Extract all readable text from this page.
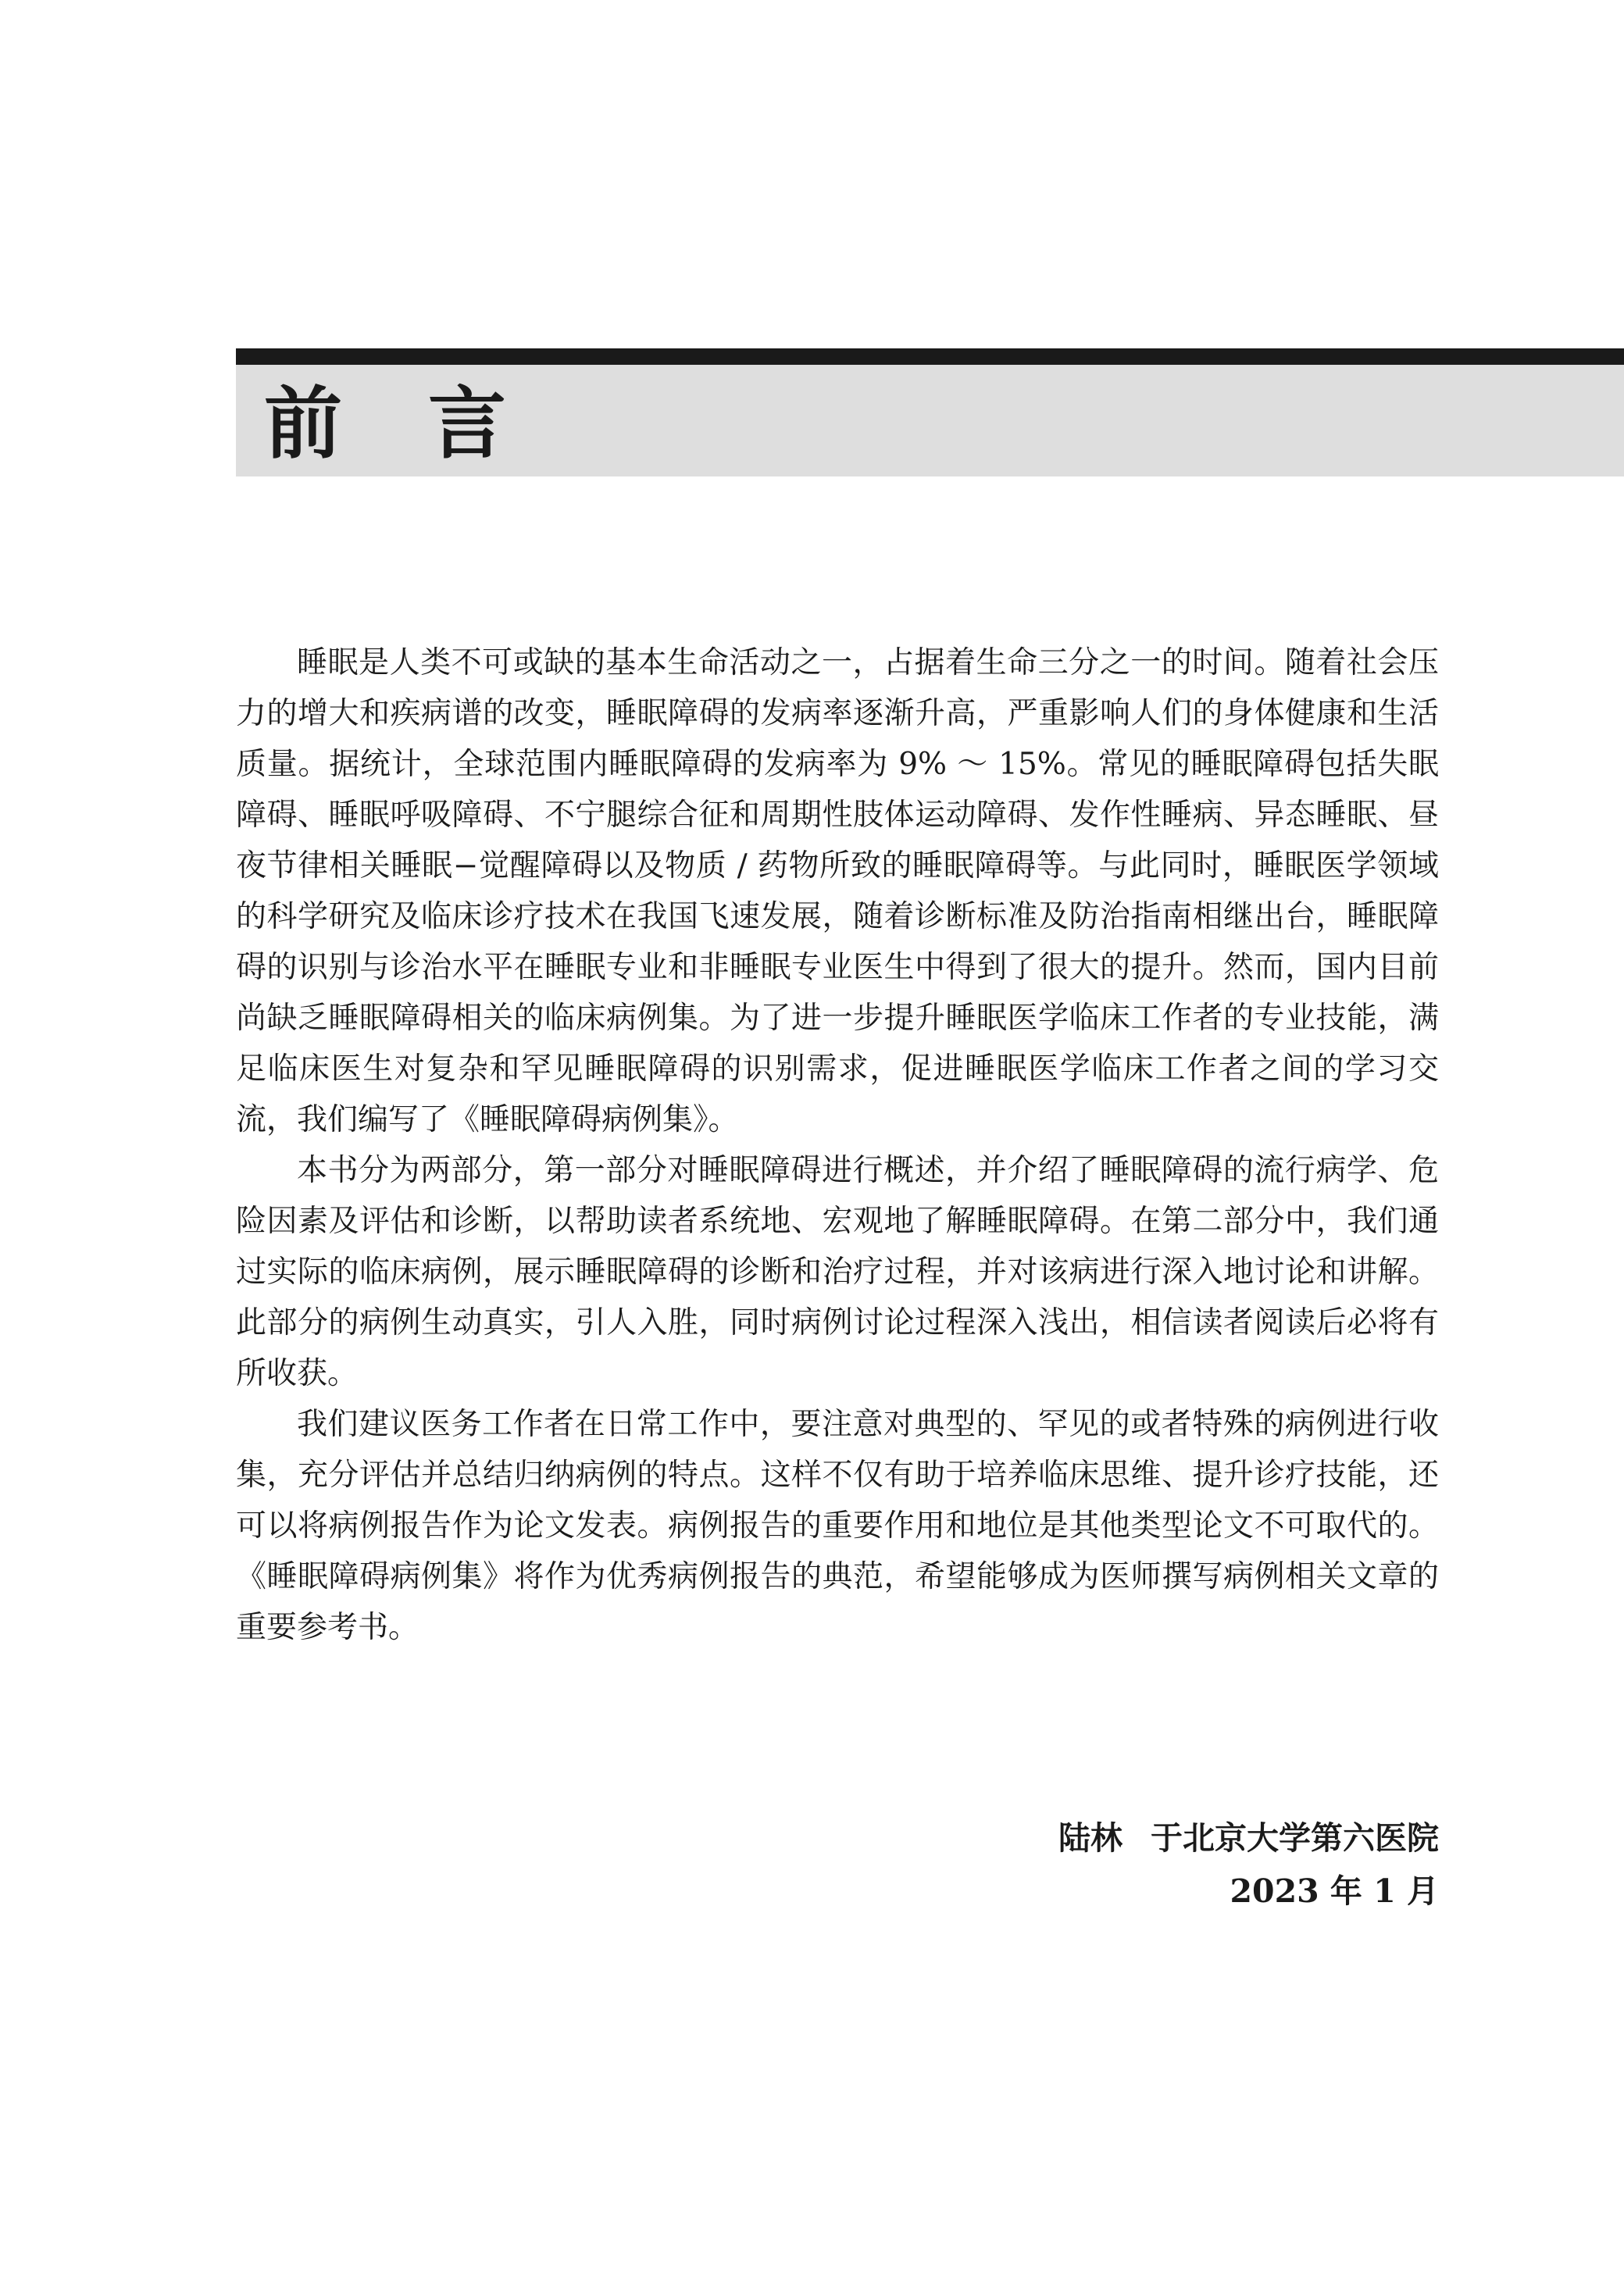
前言

睡眠是人类不可或缺的基本生命活动之一，占据着生命三分之一的时间。随着社会压力的增大和疾病谱的改变，睡眠障碍的发病率逐渐升高，严重影响人们的身体健康和生活质量。据统计，全球范围内睡眠障碍的发病率为 9% ～ 15%。常见的睡眠障碍包括失眠障碍、睡眠呼吸障碍、不宁腿综合征和周期性肢体运动障碍、发作性睡病、异态睡眠、昼夜节律相关睡眠−觉醒障碍以及物质 / 药物所致的睡眠障碍等。与此同时，睡眠医学领域的科学研究及临床诊疗技术在我国飞速发展，随着诊断标准及防治指南相继出台，睡眠障碍的识别与诊治水平在睡眠专业和非睡眠专业医生中得到了很大的提升。然而，国内目前尚缺乏睡眠障碍相关的临床病例集。为了进一步提升睡眠医学临床工作者的专业技能，满足临床医生对复杂和罕见睡眠障碍的识别需求，促进睡眠医学临床工作者之间的学习交流，我们编写了《睡眠障碍病例集》。

本书分为两部分，第一部分对睡眠障碍进行概述，并介绍了睡眠障碍的流行病学、危险因素及评估和诊断，以帮助读者系统地、宏观地了解睡眠障碍。在第二部分中，我们通过实际的临床病例，展示睡眠障碍的诊断和治疗过程，并对该病进行深入地讨论和讲解。此部分的病例生动真实，引人入胜，同时病例讨论过程深入浅出，相信读者阅读后必将有所收获。

我们建议医务工作者在日常工作中，要注意对典型的、罕见的或者特殊的病例进行收集，充分评估并总结归纳病例的特点。这样不仅有助于培养临床思维、提升诊疗技能，还可以将病例报告作为论文发表。病例报告的重要作用和地位是其他类型论文不可取代的。《睡眠障碍病例集》将作为优秀病例报告的典范，希望能够成为医师撰写病例相关文章的重要参考书。

陆林 于北京大学第六医院
2023 年 1 月
